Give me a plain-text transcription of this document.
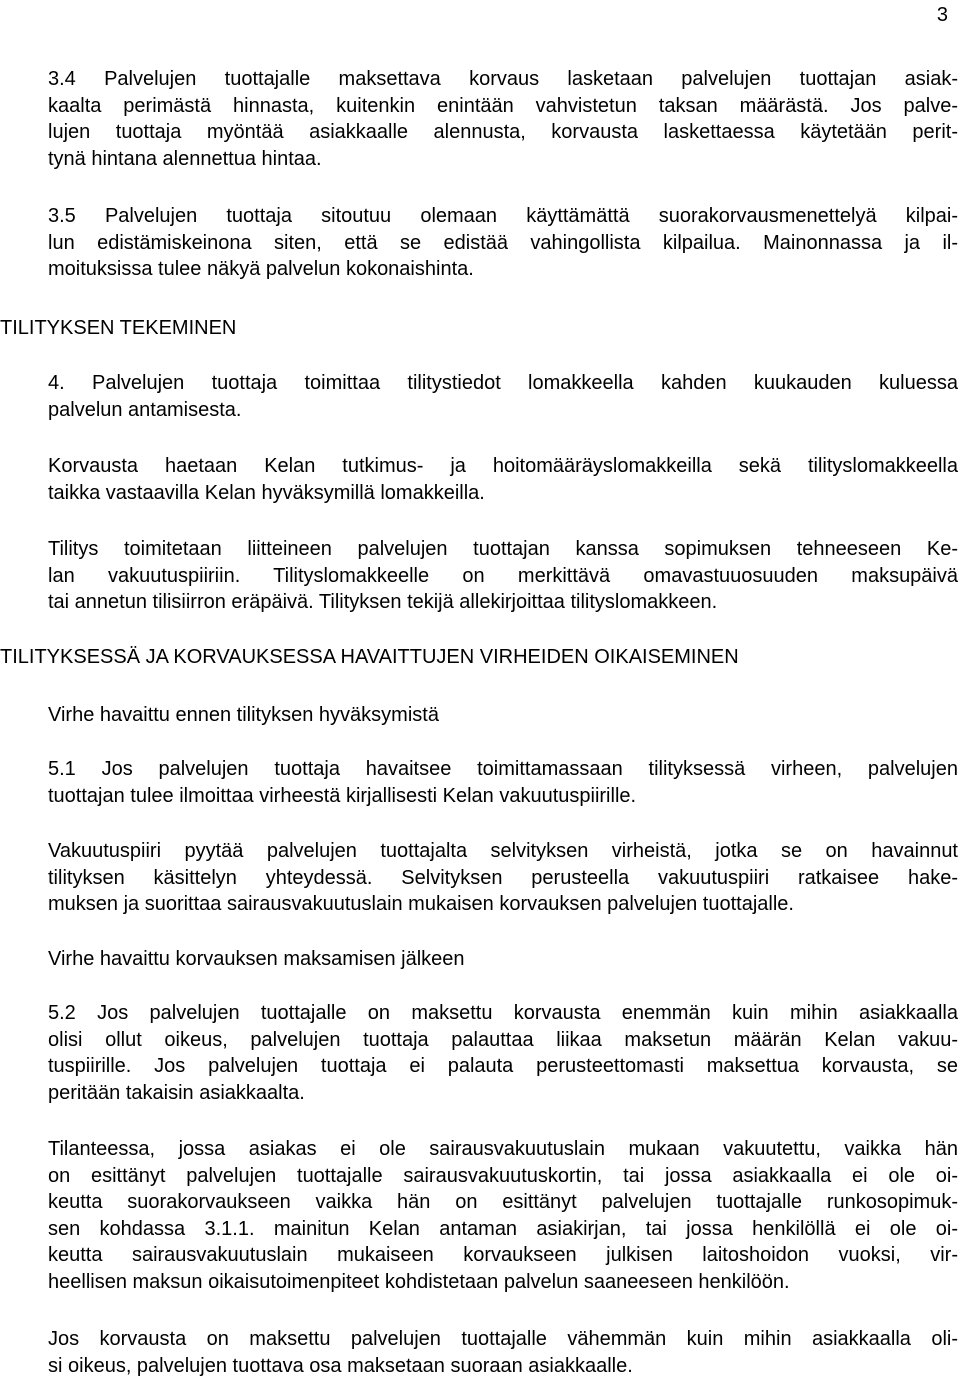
3

3.4 Palvelujen tuottajalle maksettava korvaus lasketaan palvelujen tuottajan asiak-
kaalta perimästä hinnasta, kuitenkin enintään vahvistetun taksan määrästä. Jos palve-
lujen tuottaja myöntää asiakkaalle alennusta, korvausta laskettaessa käytetään perit-
tynä hintana alennettua hintaa.

3.5 Palvelujen tuottaja sitoutuu olemaan käyttämättä suorakorvausmenettelyä kilpai-
lun edistämiskeinona siten, että se edistää vahingollista kilpailua. Mainonnassa ja il-
moituksissa tulee näkyä palvelun kokonaishinta.

TILITYKSEN TEKEMINEN

4. Palvelujen tuottaja toimittaa tilitystiedot lomakkeella kahden kuukauden kuluessa
palvelun antamisesta.

Korvausta haetaan Kelan tutkimus- ja hoitomääräyslomakkeilla sekä tilityslomakkeella
taikka vastaavilla Kelan hyväksymillä lomakkeilla.

Tilitys toimitetaan liitteineen palvelujen tuottajan kanssa sopimuksen tehneeseen Ke-
lan vakuutuspiiriin. Tilityslomakkeelle on merkittävä omavastuuosuuden maksupäivä
tai annetun tilisiirron eräpäivä. Tilityksen tekijä allekirjoittaa tilityslomakkeen.

TILITYKSESSÄ JA KORVAUKSESSA HAVAITTUJEN VIRHEIDEN OIKAISEMINEN
Virhe havaittu ennen tilityksen hyväksymistä

5.1 Jos palvelujen tuottaja havaitsee toimittamassaan tilityksessä virheen, palvelujen
tuottajan tulee ilmoittaa virheestä kirjallisesti Kelan vakuutuspiirille.

Vakuutuspiiri pyytää palvelujen tuottajalta selvityksen virheistä, jotka se on havainnut
tilityksen käsittelyn yhteydessä. Selvityksen perusteella vakuutuspiiri ratkaisee hake-
muksen ja suorittaa sairausvakuutuslain mukaisen korvauksen palvelujen tuottajalle.

Virhe havaittu korvauksen maksamisen jälkeen

5.2 Jos palvelujen tuottajalle on maksettu korvausta enemmän kuin mihin asiakkaalla
olisi ollut oikeus, palvelujen tuottaja palauttaa liikaa maksetun määrän Kelan vakuu-
tuspiirille. Jos palvelujen tuottaja ei palauta perusteettomasti maksettua korvausta, se
peritään takaisin asiakkaalta.

Tilanteessa, jossa asiakas ei ole sairausvakuutuslain mukaan vakuutettu, vaikka hän
on esittänyt palvelujen tuottajalle sairausvakuutuskortin, tai jossa asiakkaalla ei ole oi-
keutta suorakorvaukseen vaikka hän on esittänyt palvelujen tuottajalle runkosopimuk-
sen kohdassa 3.1.1. mainitun Kelan antaman asiakirjan, tai jossa henkilöllä ei ole oi-
keutta sairausvakuutuslain mukaiseen korvaukseen julkisen laitoshoidon vuoksi, vir-
heellisen maksun oikaisutoimenpiteet kohdistetaan palvelun saaneeseen henkilöön.

Jos korvausta on maksettu palvelujen tuottajalle vähemmän kuin mihin asiakkaalla oli-
si oikeus, palvelujen tuottava osa maksetaan suoraan asiakkaalle.
